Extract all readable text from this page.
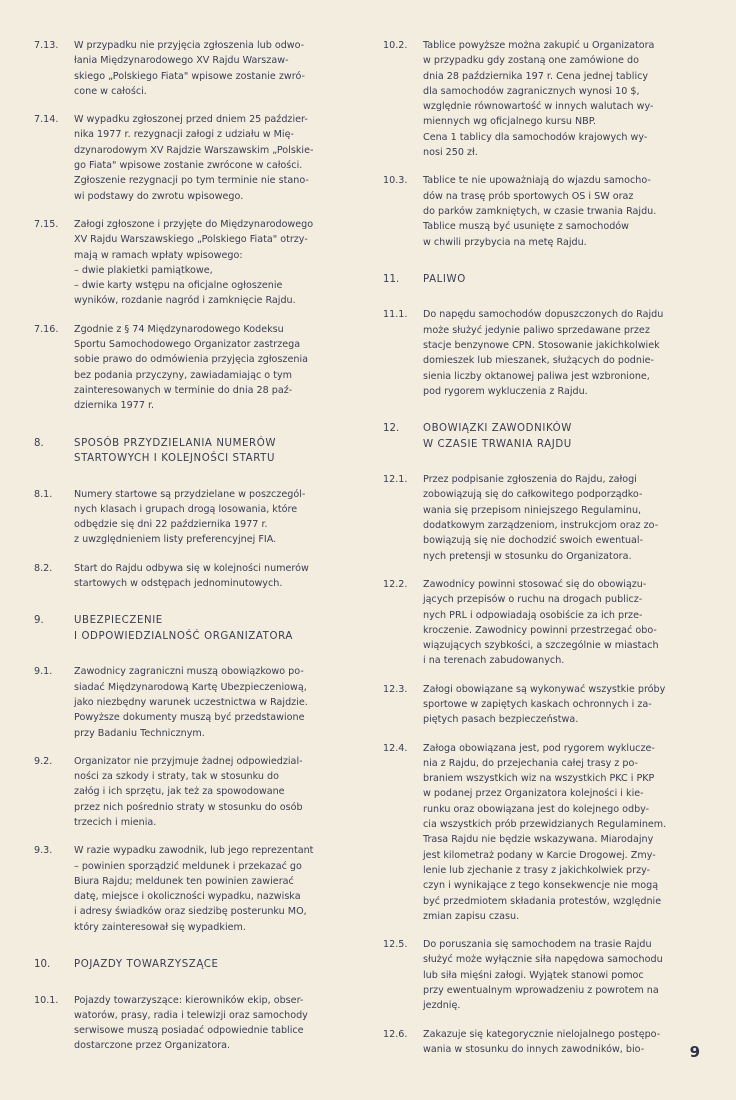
7.13.	W przypadku nie przyjęcia zgłoszenia lub odwo-
łania Międzynarodowego XV Rajdu Warszaw-
skiego „Polskiego Fiata" wpisowe zostanie zwró-
cone w całości.
7.14.	W wypadku zgłoszonej przed dniem 25 paździer-
nika 1977 r. rezygnacji załogi z udziału w Mię-
dzynarodowym XV Rajdzie Warszawskim „Polskie-
go Fiata" wpisowe zostanie zwrócone w całości.
Zgłoszenie rezygnacji po tym terminie nie stano-
wi podstawy do zwrotu wpisowego.
7.15.	Załogi zgłoszone i przyjęte do Międzynarodowego
XV Rajdu Warszawskiego „Polskiego Fiata" otrzy-
mają w ramach wpłaty wpisowego:
– dwie plakietki pamiątkowe,
– dwie karty wstępu na oficjalne ogłoszenie
wyników, rozdanie nagród i zamknięcie Rajdu.
7.16.	Zgodnie z § 74 Międzynarodowego Kodeksu
Sportu Samochodowego Organizator zastrzega
sobie prawo do odmówienia przyjęcia zgłoszenia
bez podania przyczyny, zawiadamiając o tym
zainteresowanych w terminie do dnia 28 paź-
dziernika 1977 r.
8.	SPOSÓB PRZYDZIELANIA NUMERÓW
STARTOWYCH I KOLEJNOŚCI STARTU
8.1.	Numery startowe są przydzielane w poszczegól-
nych klasach i grupach drogą losowania, które
odbędzie się dni 22 października 1977 r.
z uwzględnieniem listy preferencyjnej FIA.
8.2.	Start do Rajdu odbywa się w kolejności numerów
startowych w odstępach jednominutowych.
9.	UBEZPIECZENIE
I ODPOWIEDZIALNOŚĆ ORGANIZATORA
9.1.	Zawodnicy zagraniczni muszą obowiązkowo po-
siadać Międzynarodową Kartę Ubezpieczeniową,
jako niezbędny warunek uczestnictwa w Rajdzie.
Powyższe dokumenty muszą być przedstawione
przy Badaniu Technicznym.
9.2.	Organizator nie przyjmuje żadnej odpowiedzial-
ności za szkody i straty, tak w stosunku do
załóg i ich sprzętu, jak też za spowodowane
przez nich pośrednio straty w stosunku do osób
trzecich i mienia.
9.3.	W razie wypadku zawodnik, lub jego reprezentant
– powinien sporządzić meldunek i przekazać go
Biura Rajdu; meldunek ten powinien zawierać
datę, miejsce i okoliczności wypadku, nazwiska
i adresy świadków oraz siedzibę posterunku MO,
który zainteresował się wypadkiem.
10.	POJAZDY TOWARZYSZĄCE
10.1.	Pojazdy towarzyszące: kierowników ekip, obser-
watorów, prasy, radia i telewizji oraz samochody
serwisowe muszą posiadać odpowiednie tablice
dostarczone przez Organizatora.
10.2.	Tablice powyższe można zakupić u Organizatora
w przypadku gdy zostaną one zamówione do
dnia 28 października 197 r. Cena jednej tablicy
dla samochodów zagranicznych wynosi 10 $,
względnie równowartość w innych walutach wy-
miennych wg oficjalnego kursu NBP.
Cena 1 tablicy dla samochodów krajowych wy-
nosi 250 zł.
10.3.	Tablice te nie upoważniają do wjazdu samocho-
dów na trasę prób sportowych OS i SW oraz
do parków zamkniętych, w czasie trwania Rajdu.
Tablice muszą być usunięte z samochodów
w chwili przybycia na metę Rajdu.
11.	PALIWO
11.1.	Do napędu samochodów dopuszczonych do Rajdu
może służyć jedynie paliwo sprzedawane przez
stacje benzynowe CPN. Stosowanie jakichkolwiek
domieszek lub mieszanek, służących do podnie-
sienia liczby oktanowej paliwa jest wzbronione,
pod rygorem wykluczenia z Rajdu.
12.	OBOWIĄZKI ZAWODNIKÓW
W CZASIE TRWANIA RAJDU
12.1.	Przez podpisanie zgłoszenia do Rajdu, załogi
zobowiązują się do całkowitego podporządko-
wania się przepisom niniejszego Regulaminu,
dodatkowym zarządzeniom, instrukcjom oraz zo-
bowiązują się nie dochodzić swoich ewentual-
nych pretensji w stosunku do Organizatora.
12.2.	Zawodnicy powinni stosować się do obowiązu-
jących przepisów o ruchu na drogach publicz-
nych PRL i odpowiadają osobiście za ich prze-
kroczenie. Zawodnicy powinni przestrzegać obo-
wiązujących szybkości, a szczególnie w miastach
i na terenach zabudowanych.
12.3.	Załogi obowiązane są wykonywać wszystkie próby
sportowe w zapiętych kaskach ochronnych i za-
piętych pasach bezpieczeństwa.
12.4.	Załoga obowiązana jest, pod rygorem wyklucze-
nia z Rajdu, do przejechania całej trasy z po-
braniem wszystkich wiz na wszystkich PKC i PKP
w podanej przez Organizatora kolejności i kie-
runku oraz obowiązana jest do kolejnego odby-
cia wszystkich prób przewidzianych Regulaminem.
Trasa Rajdu nie będzie wskazywana. Miarodajny
jest kilometraż podany w Karcie Drogowej. Zmy-
lenie lub zjechanie z trasy z jakichkolwiek przy-
czyn i wynikające z tego konsekwencje nie mogą
być przedmiotem składania protestów, względnie
zmian zapisu czasu.
12.5.	Do poruszania się samochodem na trasie Rajdu
służyć może wyłącznie siła napędowa samochodu
lub siła mięśni załogi. Wyjątek stanowi pomoc
przy ewentualnym wprowadzeniu z powrotem na
jezdnię.
12.6.	Zakazuje się kategorycznie nielojalnego postępo-
wania w stosunku do innych zawodników, bio-	9
